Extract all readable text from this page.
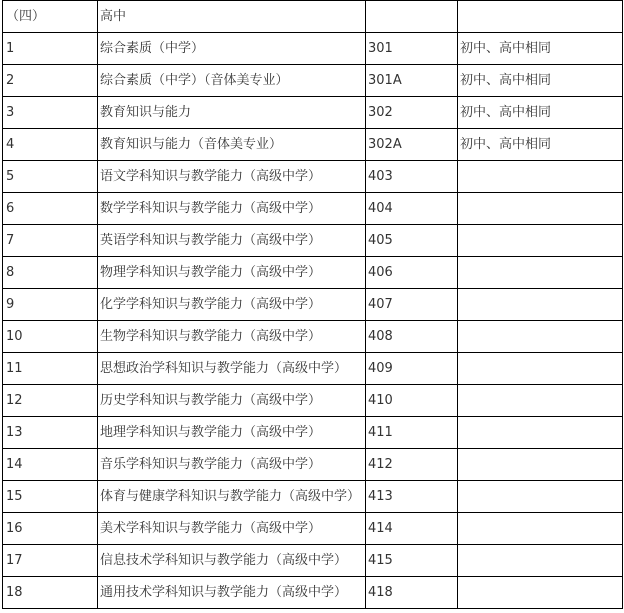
（四）	高中		
1	综合素质（中学）	301	初中、高中相同
2	综合素质（中学）（音体美专业）	301A	初中、高中相同
3	教育知识与能力	302	初中、高中相同
4	教育知识与能力（音体美专业）	302A	初中、高中相同
5	语文学科知识与教学能力（高级中学）	403	
6	数学学科知识与教学能力（高级中学）	404	
7	英语学科知识与教学能力（高级中学）	405	
8	物理学科知识与教学能力（高级中学）	406	
9	化学学科知识与教学能力（高级中学）	407	
10	生物学科知识与教学能力（高级中学）	408	
11	思想政治学科知识与教学能力（高级中学）	409	
12	历史学科知识与教学能力（高级中学）	410	
13	地理学科知识与教学能力（高级中学）	411	
14	音乐学科知识与教学能力（高级中学）	412	
15	体育与健康学科知识与教学能力（高级中学）	413	
16	美术学科知识与教学能力（高级中学）	414	
17	信息技术学科知识与教学能力（高级中学）	415	
18	通用技术学科知识与教学能力（高级中学）	418	
